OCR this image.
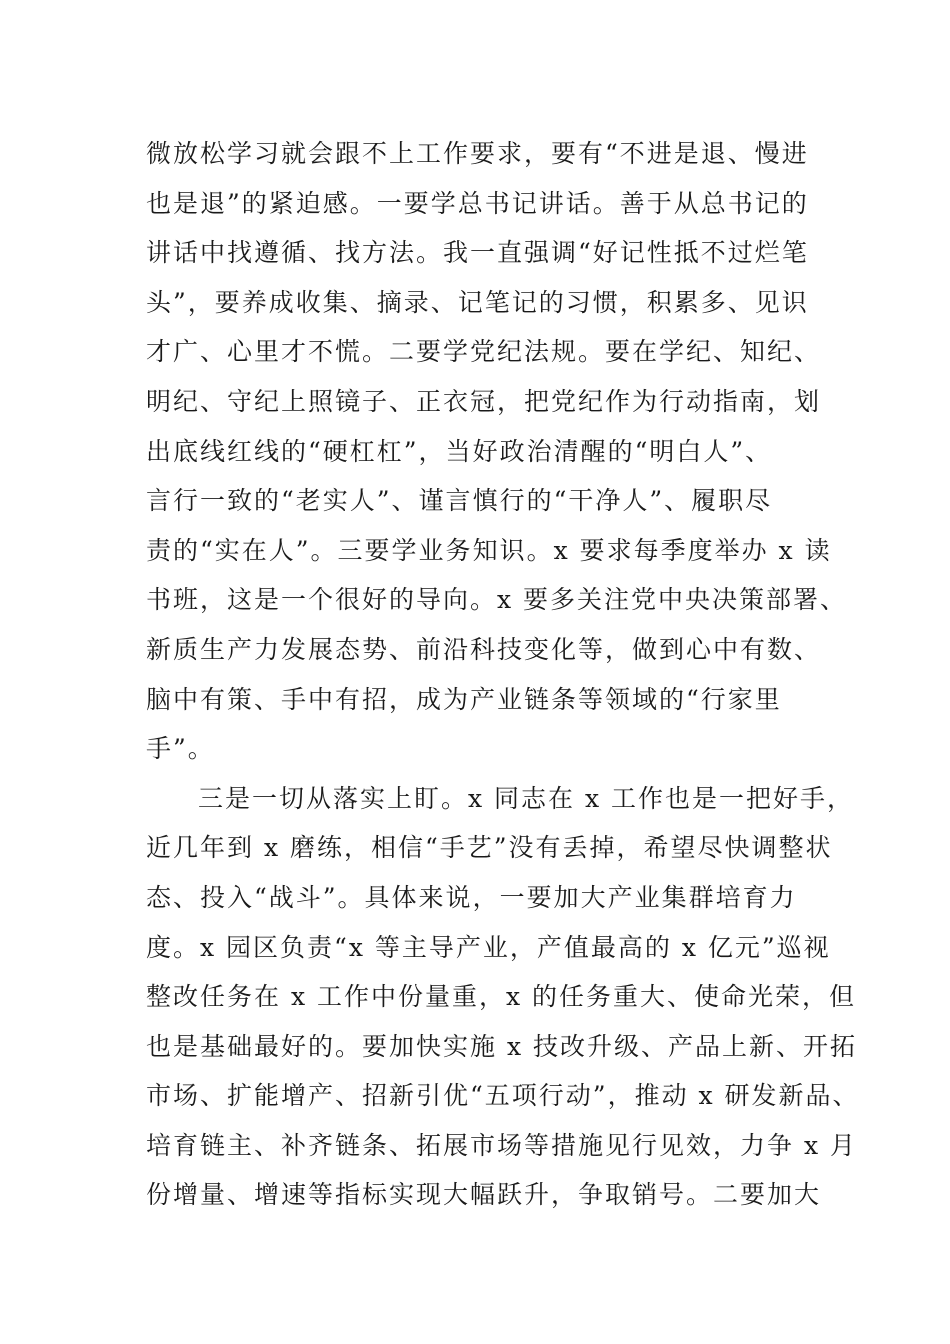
微放松学习就会跟不上工作要求，要有“不进是退、慢进
也是退”的紧迫感。一要学总书记讲话。善于从总书记的
讲话中找遵循、找方法。我一直强调“好记性抵不过烂笔
头”，要养成收集、摘录、记笔记的习惯，积累多、见识
才广、心里才不慌。二要学党纪法规。要在学纪、知纪、
明纪、守纪上照镜子、正衣冠，把党纪作为行动指南，划
出底线红线的“硬杠杠”，当好政治清醒的“明白人”、
言行一致的“老实人”、谨言慎行的“干净人”、履职尽
责的“实在人”。三要学业务知识。x 要求每季度举办 x 读
书班，这是一个很好的导向。x 要多关注党中央决策部署、
新质生产力发展态势、前沿科技变化等，做到心中有数、
脑中有策、手中有招，成为产业链条等领域的“行家里
手”。
三是一切从落实上盯。x 同志在 x 工作也是一把好手，
近几年到 x 磨练，相信“手艺”没有丢掉，希望尽快调整状
态、投入“战斗”。具体来说，一要加大产业集群培育力
度。x 园区负责“x 等主导产业，产值最高的 x 亿元”巡视
整改任务在 x 工作中份量重，x 的任务重大、使命光荣，但
也是基础最好的。要加快实施 x 技改升级、产品上新、开拓
市场、扩能增产、招新引优“五项行动”，推动 x 研发新品、
培育链主、补齐链条、拓展市场等措施见行见效，力争 x 月
份增量、增速等指标实现大幅跃升，争取销号。二要加大
